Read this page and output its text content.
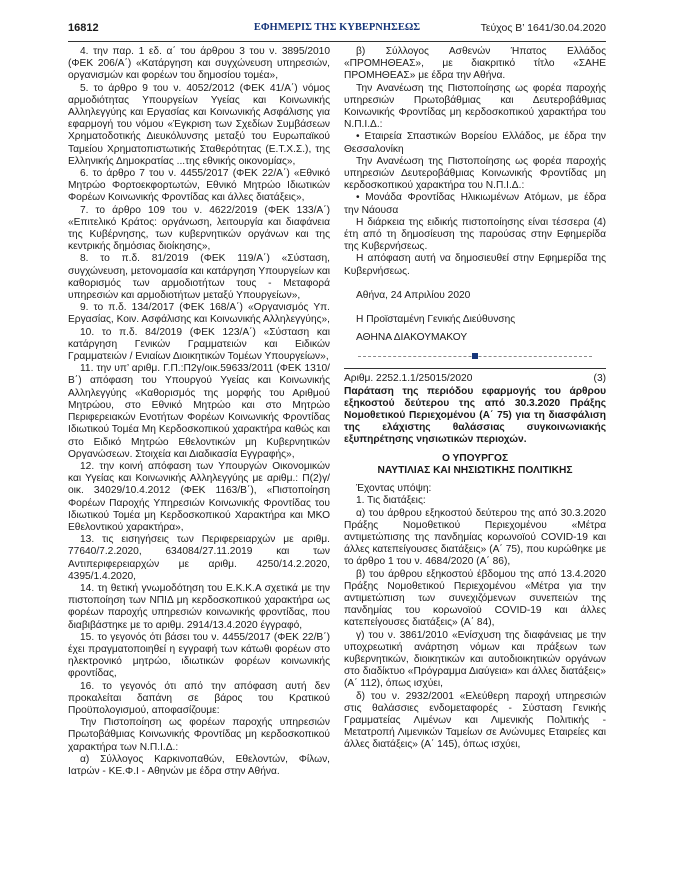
16812	ΕΦΗΜΕΡΙΣ ΤΗΣ ΚΥΒΕΡΝΗΣΕΩΣ	Τεύχος B’ 1641/30.04.2020

4. την παρ. 1 εδ. α΄ του άρθρου 3 του ν. 3895/2010 (ΦΕΚ 206/Α΄) «Κατάργηση και συγχώνευση υπηρεσιών, οργανισμών και φορέων του δημοσίου τομέα»,

5. το άρθρο 9 του ν. 4052/2012 (ΦΕΚ 41/Α΄) νόμος αρμοδιότητας Υπουργείων Υγείας και Κοινωνικής Αλληλεγγύης και Εργασίας και Κοινωνικής Ασφάλισης για εφαρμογή του νόμου «Έγκριση των Σχεδίων Συμβάσεων Χρηματοδοτικής Διευκόλυνσης μεταξύ του Ευρωπαϊκού Ταμείου Χρηματοπιστωτικής Σταθερότητας (Ε.Τ.Χ.Σ.), της Ελληνικής Δημοκρατίας ...της εθνικής οικονομίας»,

6. το άρθρο 7 του ν. 4455/2017 (ΦΕΚ 22/Α΄) «Εθνικό Μητρώο Φορτοεκφορτωτών, Εθνικό Μητρώο Ιδιωτικών Φορέων Κοινωνικής Φροντίδας και άλλες διατάξεις»,

7. το άρθρο 109 του ν. 4622/2019 (ΦΕΚ 133/Α΄) «Επιτελικό Κράτος: οργάνωση, λειτουργία και διαφάνεια της Κυβέρνησης, των κυβερνητικών οργάνων και της κεντρικής δημόσιας διοίκησης»,

8. το π.δ. 81/2019 (ΦΕΚ 119/Α΄) «Σύσταση, συγχώνευση, μετονομασία και κατάργηση Υπουργείων και καθορισμός των αρμοδιοτήτων τους - Μεταφορά υπηρεσιών και αρμοδιοτήτων μεταξύ Υπουργείων»,

9. το π.δ. 134/2017 (ΦΕΚ 168/Α΄) «Οργανισμός Υπ. Εργασίας, Κοιν. Ασφάλισης και Κοινωνικής Αλληλεγγύης»,

10. το π.δ. 84/2019 (ΦΕΚ 123/Α΄) «Σύσταση και κατάργηση Γενικών Γραμματειών και Ειδικών Γραμματειών / Ενιαίων Διοικητικών Τομέων Υπουργείων»,

11. την υπ’ αριθμ. Γ.Π.:Π2γ/οικ.59633/2011 (ΦΕΚ 1310/Β΄) απόφαση του Υπουργού Υγείας και Κοινωνικής Αλληλεγγύης «Καθορισμός της μορφής του Αριθμού Μητρώου, στο Εθνικό Μητρώο και στο Μητρώο Περιφερειακών Ενοτήτων Φορέων Κοινωνικής Φροντίδας Ιδιωτικού Τομέα Μη Κερδοσκοπικού χαρακτήρα καθώς και στο Ειδικό Μητρώο Εθελοντικών μη Κυβερνητικών Οργανώσεων. Στοιχεία και Διαδικασία Εγγραφής»,

12. την κοινή απόφαση των Υπουργών Οικονομικών και Υγείας και Κοινωνικής Αλληλεγγύης με αριθμ.: Π(2)γ/ οικ. 34029/10.4.2012 (ΦΕΚ 1163/Β΄), «Πιστοποίηση Φορέων Παροχής Υπηρεσιών Κοινωνικής Φροντίδας του Ιδιωτικού Τομέα μη Κερδοσκοπικού Χαρακτήρα και ΜΚΟ Εθελοντικού χαρακτήρα»,

13. τις εισηγήσεις των Περιφερειαρχών με αριθμ. 77640/7.2.2020, 634084/27.11.2019 και των Αντιπεριφερειαρχών με αριθμ. 4250/14.2.2020, 4395/1.4.2020,

14. τη θετική γνωμοδότηση του Ε.Κ.Κ.Α σχετικά με την πιστοποίηση των ΝΠΙΔ μη κερδοσκοπικού χαρακτήρα ως φορέων παροχής υπηρεσιών κοινωνικής φροντίδας, που διαβιβάστηκε με το αριθμ. 2914/13.4.2020 έγγραφό,

15. το γεγονός ότι βάσει του ν. 4455/2017 (ΦΕΚ 22/Β΄) έχει πραγματοποιηθεί η εγγραφή των κάτωθι φορέων στο ηλεκτρονικό μητρώο, ιδιωτικών φορέων κοινωνικής φροντίδας,

16. το γεγονός ότι από την απόφαση αυτή δεν προκαλείται δαπάνη σε βάρος του Κρατικού Προϋπολογισμού, αποφασίζουμε:

Την Πιστοποίηση ως φορέων παροχής υπηρεσιών Πρωτοβάθμιας Κοινωνικής Φροντίδας μη κερδοσκοπικού χαρακτήρα των Ν.Π.Ι.Δ.:

α) Σύλλογος Καρκινοπαθών, Εθελοντών, Φίλων, Ιατρών - ΚΕ.Φ.Ι - Αθηνών με έδρα στην Αθήνα.

β) Σύλλογος Ασθενών Ήπατος Ελλάδος «ΠΡΟΜΗΘΕΑΣ», με διακριτικό τίτλο «ΣΑΗΕ ΠΡΟΜΗΘΕΑΣ» με έδρα την Αθήνα.

Την Ανανέωση της Πιστοποίησης ως φορέα παροχής υπηρεσιών Πρωτοβάθμιας και Δευτεροβάθμιας Κοινωνικής Φροντίδας μη κερδοσκοπικού χαρακτήρα του Ν.Π.Ι.Δ.:

• Εταιρεία Σπαστικών Βορείου Ελλάδος, με έδρα την Θεσσαλονίκη

Την Ανανέωση της Πιστοποίησης ως φορέα παροχής υπηρεσιών Δευτεροβάθμιας Κοινωνικής Φροντίδας μη κερδοσκοπικού χαρακτήρα του Ν.Π.Ι.Δ.:

• Μονάδα Φροντίδας Ηλικιωμένων Ατόμων, με έδρα την Νάουσα

Η διάρκεια της ειδικής πιστοποίησης είναι τέσσερα (4) έτη από τη δημοσίευση της παρούσας στην Εφημερίδα της Κυβερνήσεως.

Η απόφαση αυτή να δημοσιευθεί στην Εφημερίδα της Κυβερνήσεως.

Αθήνα, 24 Απριλίου 2020

Η Προϊσταμένη Γενικής Διεύθυνσης

ΑΘΗΝΑ ΔΙΑΚΟΥΜΑΚΟΥ

Αριθμ. 2252.1.1/25015/2020	(3)

Παράταση της περιόδου εφαρμογής του άρθρου εξηκοστού δεύτερου της από 30.3.2020 Πράξης Νομοθετικού Περιεχομένου (Α΄ 75) για τη διασφάλιση της ελάχιστης θαλάσσιας συγκοινωνιακής εξυπηρέτησης νησιωτικών περιοχών.

Ο ΥΠΟΥΡΓΟΣ

ΝΑΥΤΙΛΙΑΣ ΚΑΙ ΝΗΣΙΩΤΙΚΗΣ ΠΟΛΙΤΙΚΗΣ

Έχοντας υπόψη:

1. Τις διατάξεις:

α) του άρθρου εξηκοστού δεύτερου της από 30.3.2020 Πράξης Νομοθετικού Περιεχομένου «Μέτρα αντιμετώπισης της πανδημίας κορωνοϊού COVID-19 και άλλες κατεπείγουσες διατάξεις» (Α΄ 75), που κυρώθηκε με το άρθρο 1 του ν. 4684/2020 (Α΄ 86),

β) του άρθρου εξηκοστού έβδομου της από 13.4.2020 Πράξης Νομοθετικού Περιεχομένου «Μέτρα για την αντιμετώπιση των συνεχιζόμενων συνεπειών της πανδημίας του κορωνοϊού COVID-19 και άλλες κατεπείγουσες διατάξεις» (Α΄ 84),

γ) του ν. 3861/2010 «Ενίσχυση της διαφάνειας με την υποχρεωτική ανάρτηση νόμων και πράξεων των κυβερνητικών, διοικητικών και αυτοδιοικητικών οργάνων στο διαδίκτυο «Πρόγραμμα Διαύγεια» και άλλες διατάξεις» (Α΄ 112), όπως ισχύει,

δ) του ν. 2932/2001 «Ελεύθερη παροχή υπηρεσιών στις θαλάσσιες ενδομεταφορές - Σύσταση Γενικής Γραμματείας Λιμένων και Λιμενικής Πολιτικής - Μετατροπή Λιμενικών Ταμείων σε Ανώνυμες Εταιρείες και άλλες διατάξεις» (Α΄ 145), όπως ισχύει,
